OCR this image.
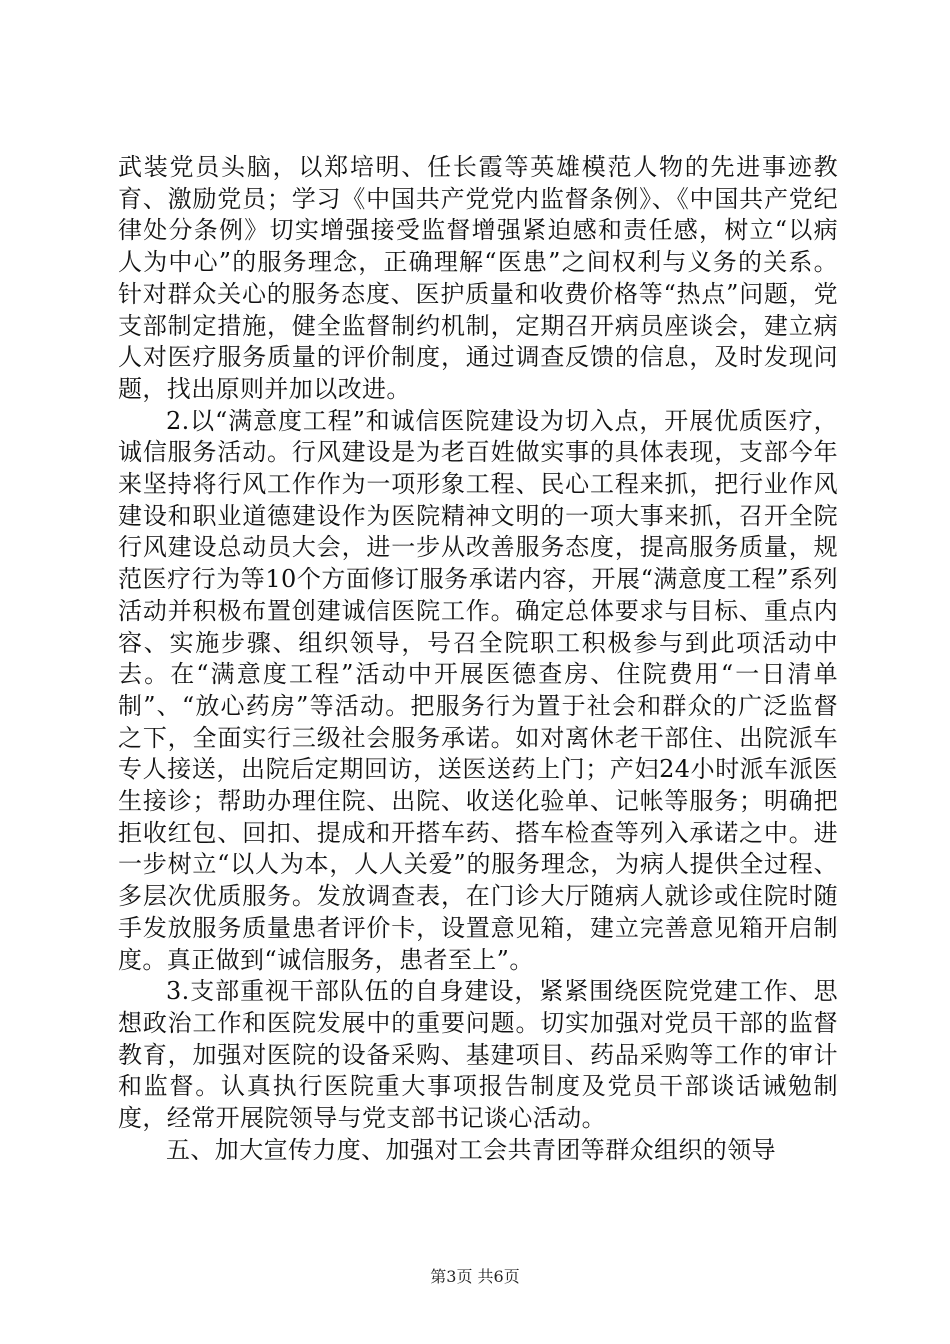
武装党员头脑，以郑培明、任长霞等英雄模范人物的先进事迹教育、激励党员；学习《中国共产党党内监督条例》、《中国共产党纪律处分条例》切实增强接受监督增强紧迫感和责任感，树立“以病人为中心”的服务理念，正确理解“医患”之间权利与义务的关系。针对群众关心的服务态度、医护质量和收费价格等“热点”问题，党支部制定措施，健全监督制约机制，定期召开病员座谈会，建立病人对医疗服务质量的评价制度，通过调查反馈的信息，及时发现问题，找出原则并加以改进。

2.以“满意度工程”和诚信医院建设为切入点，开展优质医疗，诚信服务活动。行风建设是为老百姓做实事的具体表现，支部今年来坚持将行风工作作为一项形象工程、民心工程来抓，把行业作风建设和职业道德建设作为医院精神文明的一项大事来抓，召开全院行风建设总动员大会，进一步从改善服务态度，提高服务质量，规范医疗行为等10个方面修订服务承诺内容，开展“满意度工程”系列活动并积极布置创建诚信医院工作。确定总体要求与目标、重点内容、实施步骤、组织领导，号召全院职工积极参与到此项活动中去。在“满意度工程”活动中开展医德查房、住院费用“一日清单制”、“放心药房”等活动。把服务行为置于社会和群众的广泛监督之下，全面实行三级社会服务承诺。如对离休老干部住、出院派车专人接送，出院后定期回访，送医送药上门；产妇24小时派车派医生接诊；帮助办理住院、出院、收送化验单、记帐等服务；明确把拒收红包、回扣、提成和开搭车药、搭车检查等列入承诺之中。进一步树立“以人为本，人人关爱”的服务理念，为病人提供全过程、多层次优质服务。发放调查表，在门诊大厅随病人就诊或住院时随手发放服务质量患者评价卡，设置意见箱，建立完善意见箱开启制度。真正做到“诚信服务，患者至上”。

3.支部重视干部队伍的自身建设，紧紧围绕医院党建工作、思想政治工作和医院发展中的重要问题。切实加强对党员干部的监督教育，加强对医院的设备采购、基建项目、药品采购等工作的审计和监督。认真执行医院重大事项报告制度及党员干部谈话诫勉制度，经常开展院领导与党支部书记谈心活动。

五、加大宣传力度、加强对工会共青团等群众组织的领导

第3页 共6页
